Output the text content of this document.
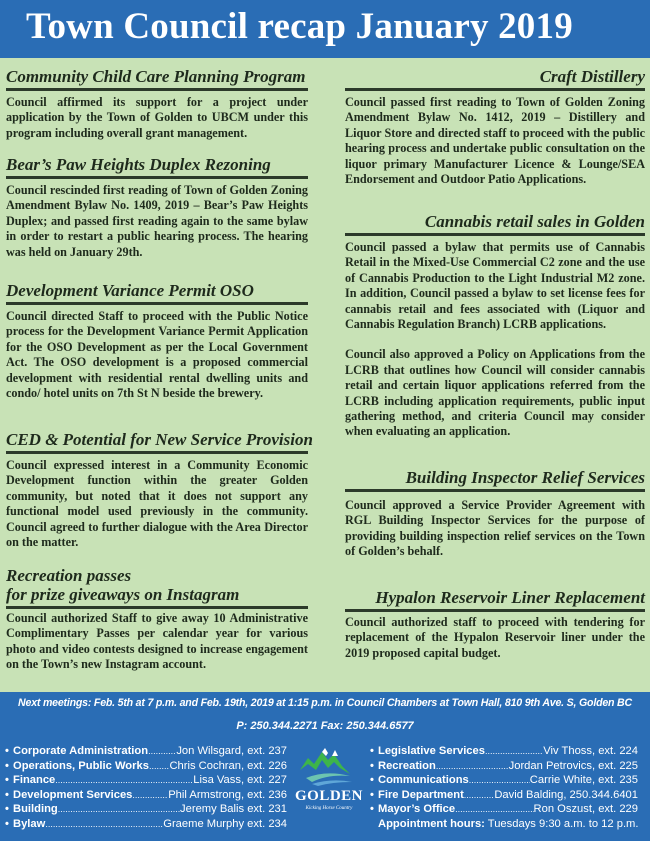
Town Council recap January 2019
Community Child Care Planning Program

Council affirmed its support for a project under application by the Town of Golden to UBCM under this program including overall grant management.

Bear’s Paw Heights Duplex Rezoning

Council rescinded first reading of Town of Golden Zoning Amendment Bylaw No. 1409, 2019 – Bear’s Paw Heights Duplex; and passed first reading again to the same bylaw in order to restart a public hearing process. The hearing was held on January 29th.

Development Variance Permit OSO

Council directed Staff to proceed with the Public Notice process for the Development Variance Permit Application for the OSO Development as per the Local Government Act. The OSO development is a proposed commercial development with residential rental dwelling units and condo/ hotel units on 7th St N beside the brewery.

CED & Potential for New Service Provision

Council expressed interest in a Community Economic Development function within the greater Golden community, but noted that it does not support any functional model used previously in the community. Council agreed to further dialogue with the Area Director on the matter.

Recreation passes
for prize giveaways on Instagram

Council authorized Staff to give away 10 Administrative Complimentary Passes per calendar year for various photo and video contests designed to increase engagement on the Town’s new Instagram account.

Craft Distillery

Council passed first reading to Town of Golden Zoning Amendment Bylaw No. 1412, 2019 – Distillery and Liquor Store and directed staff to proceed with the public hearing process and undertake public consultation on the liquor primary Manufacturer Licence & Lounge/SEA Endorsement and Outdoor Patio Applications.

Cannabis retail sales in Golden

Council passed a bylaw that permits use of Cannabis Retail in the Mixed-Use Commercial C2 zone and the use of Cannabis Production to the Light Industrial M2 zone. In addition, Council passed a bylaw to set license fees for cannabis retail and fees associated with (Liquor and Cannabis Regulation Branch) LCRB applications.

Council also approved a Policy on Applications from the LCRB that outlines how Council will consider cannabis retail and certain liquor applications referred from the LCRB including application requirements, public input gathering method, and criteria Council may consider when evaluating an application.

Building Inspector Relief Services

Council approved a Service Provider Agreement with RGL Building Inspector Services for the purpose of providing building inspection relief services on the Town of Golden’s behalf.

Hypalon Reservoir Liner Replacement

Council authorized staff to proceed with tendering for replacement of the Hypalon Reservoir liner under the 2019 proposed capital budget.

Next meetings: Feb. 5th at 7 p.m. and Feb. 19th, 2019 at 1:15 p.m. in Council Chambers at Town Hall, 810 9th Ave. S, Golden BC
P: 250.344.2271 Fax: 250.344.6577
• Corporate Administration .....	Jon Wilsgard, ext. 237
• Operations, Public Works ..... Chris Cochran, ext. 226
• Finance .....	Lisa Vass, ext. 227
• Development Services .....	Phil Armstrong, ext. 236
• Building .....	Jeremy Balis ext. 231
• Bylaw .....	Graeme Murphy ext. 234
GOLDEN
Kicking Horse Country
• Legislative Services .....	Viv Thoss, ext. 224
• Recreation .....	Jordan Petrovics, ext. 225
• Communications .....	Carrie White, ext. 235
• Fire Department .....	David Balding, 250.344.6401
• Mayor’s Office .....	Ron Oszust, ext. 229
Appointment hours: Tuesdays 9:30 a.m. to 12 p.m.
